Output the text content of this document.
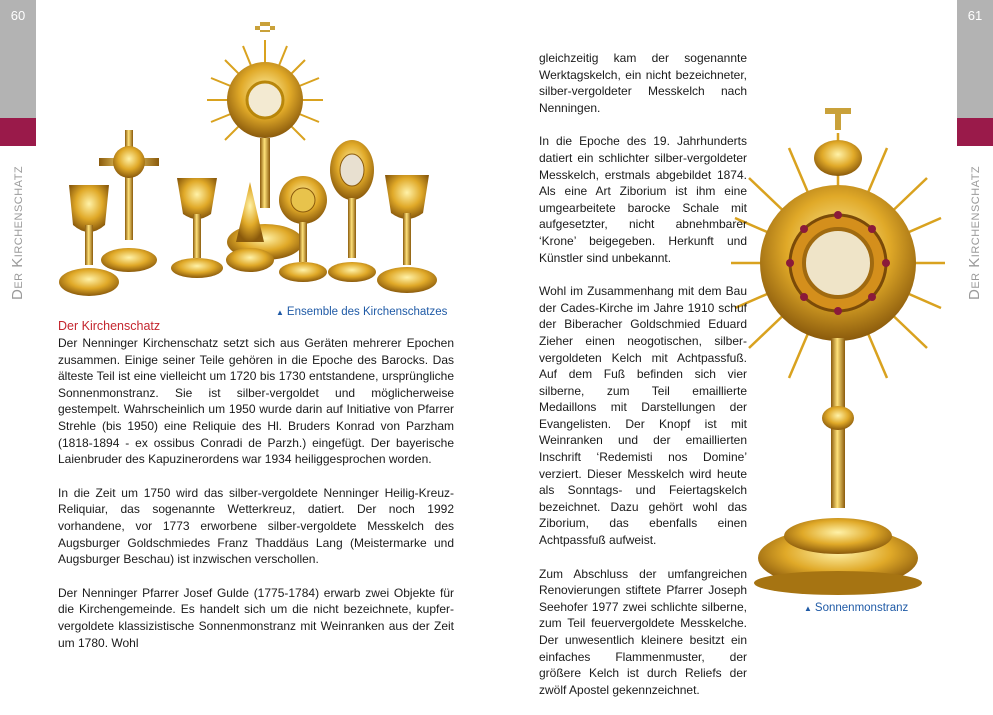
60
Der Kirchenschatz
61
Der Kirchenschatz
▲ Ensemble des Kirchenschatzes
▲ Sonnenmonstranz
Der Kirchenschatz

Der Nenninger Kirchenschatz setzt sich aus Geräten mehrerer Epochen zusammen. Einige seiner Teile gehören in die Epoche des Barocks. Das älteste Teil ist eine vielleicht um 1720 bis 1730 entstandene, ursprüngliche Sonnenmonstranz. Sie ist silber-vergoldet und möglicherweise gestempelt. Wahrscheinlich um 1950 wurde darin auf Initiative von Pfarrer Strehle (bis 1950) eine Reliquie des Hl. Bruders Konrad von Parzham (1818-1894 - ex ossibus Conradi de Parzh.) eingefügt. Der bayerische Laienbruder des Kapuzinerordens war 1934 heiliggesprochen worden.

In die Zeit um 1750 wird das silber-vergoldete Nenninger Heilig-Kreuz-Reliquiar, das sogenannte Wetterkreuz, datiert. Der noch 1992 vorhandene, vor 1773 erworbene silber-vergoldete Messkelch des Augsburger Goldschmiedes Franz Thaddäus Lang (Meistermarke und Augsburger Beschau) ist inzwischen verschollen.

Der Nenninger Pfarrer Josef Gulde (1775-1784) erwarb zwei Objekte für die Kirchengemeinde. Es handelt sich um die nicht bezeichnete, kupfer-vergoldete klassizistische Sonnenmonstranz mit Weinranken aus der Zeit um 1780. Wohl

gleichzeitig kam der sogenannte Werktagskelch, ein nicht bezeichneter, silber-vergoldeter Messkelch nach Nenningen.

In die Epoche des 19. Jahrhunderts datiert ein schlichter silber-vergoldeter Messkelch, erstmals abgebildet 1874. Als eine Art Ziborium ist ihm eine umgearbeitete barocke Schale mit aufgesetzter, nicht abnehmbarer ‘Krone’ beigegeben. Herkunft und Künstler sind unbekannt.

Wohl im Zusammenhang mit dem Bau der Cades-Kirche im Jahre 1910 schuf der Biberacher Goldschmied Eduard Zieher einen neogotischen, silber-vergoldeten Kelch mit Achtpassfuß. Auf dem Fuß befinden sich vier silberne, zum Teil emaillierte Medaillons mit Darstellungen der Evangelisten. Der Knopf ist mit Weinranken und der emaillierten Inschrift ‘Redemisti nos Domine’ verziert. Dieser Messkelch wird heute als Sonntags- und Feiertagskelch bezeichnet. Dazu gehört wohl das Ziborium, das ebenfalls einen Achtpassfuß aufweist.

Zum Abschluss der umfangreichen Renovierungen stiftete Pfarrer Joseph Seehofer 1977 zwei schlichte silberne, zum Teil feuervergoldete Messkelche. Der unwesentlich kleinere besitzt ein einfaches Flammenmuster, der größere Kelch ist durch Reliefs der zwölf Apostel gekennzeichnet.
